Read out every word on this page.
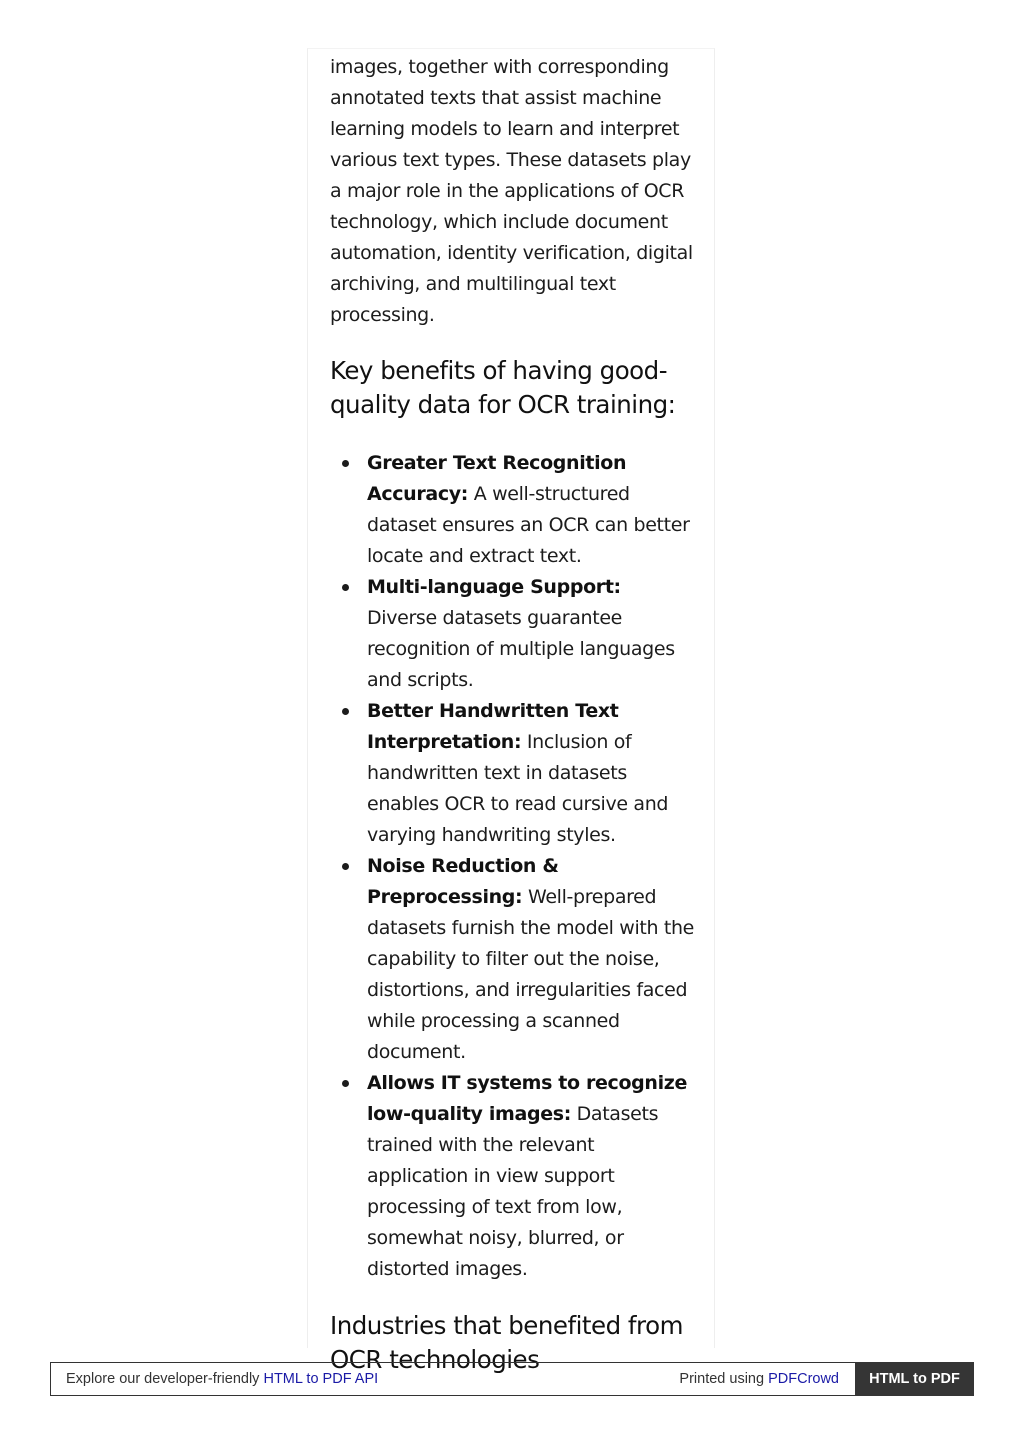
images, together with corresponding annotated texts that assist machine learning models to learn and interpret various text types. These datasets play a major role in the applications of OCR technology, which include document automation, identity verification, digital archiving, and multilingual text processing.

Key benefits of having good-quality data for OCR training:
Greater Text Recognition Accuracy: A well-structured dataset ensures an OCR can better locate and extract text.
Multi-language Support: Diverse datasets guarantee recognition of multiple languages and scripts.
Better Handwritten Text Interpretation: Inclusion of handwritten text in datasets enables OCR to read cursive and varying handwriting styles.
Noise Reduction & Preprocessing: Well-prepared datasets furnish the model with the capability to filter out the noise, distortions, and irregularities faced while processing a scanned document.
Allows IT systems to recognize low-quality images: Datasets trained with the relevant application in view support processing of text from low, somewhat noisy, blurred, or distorted images.
Industries that benefited from OCR technologies
Explore our developer-friendly HTML to PDF API	Printed using PDFCrowd	HTML to PDF
